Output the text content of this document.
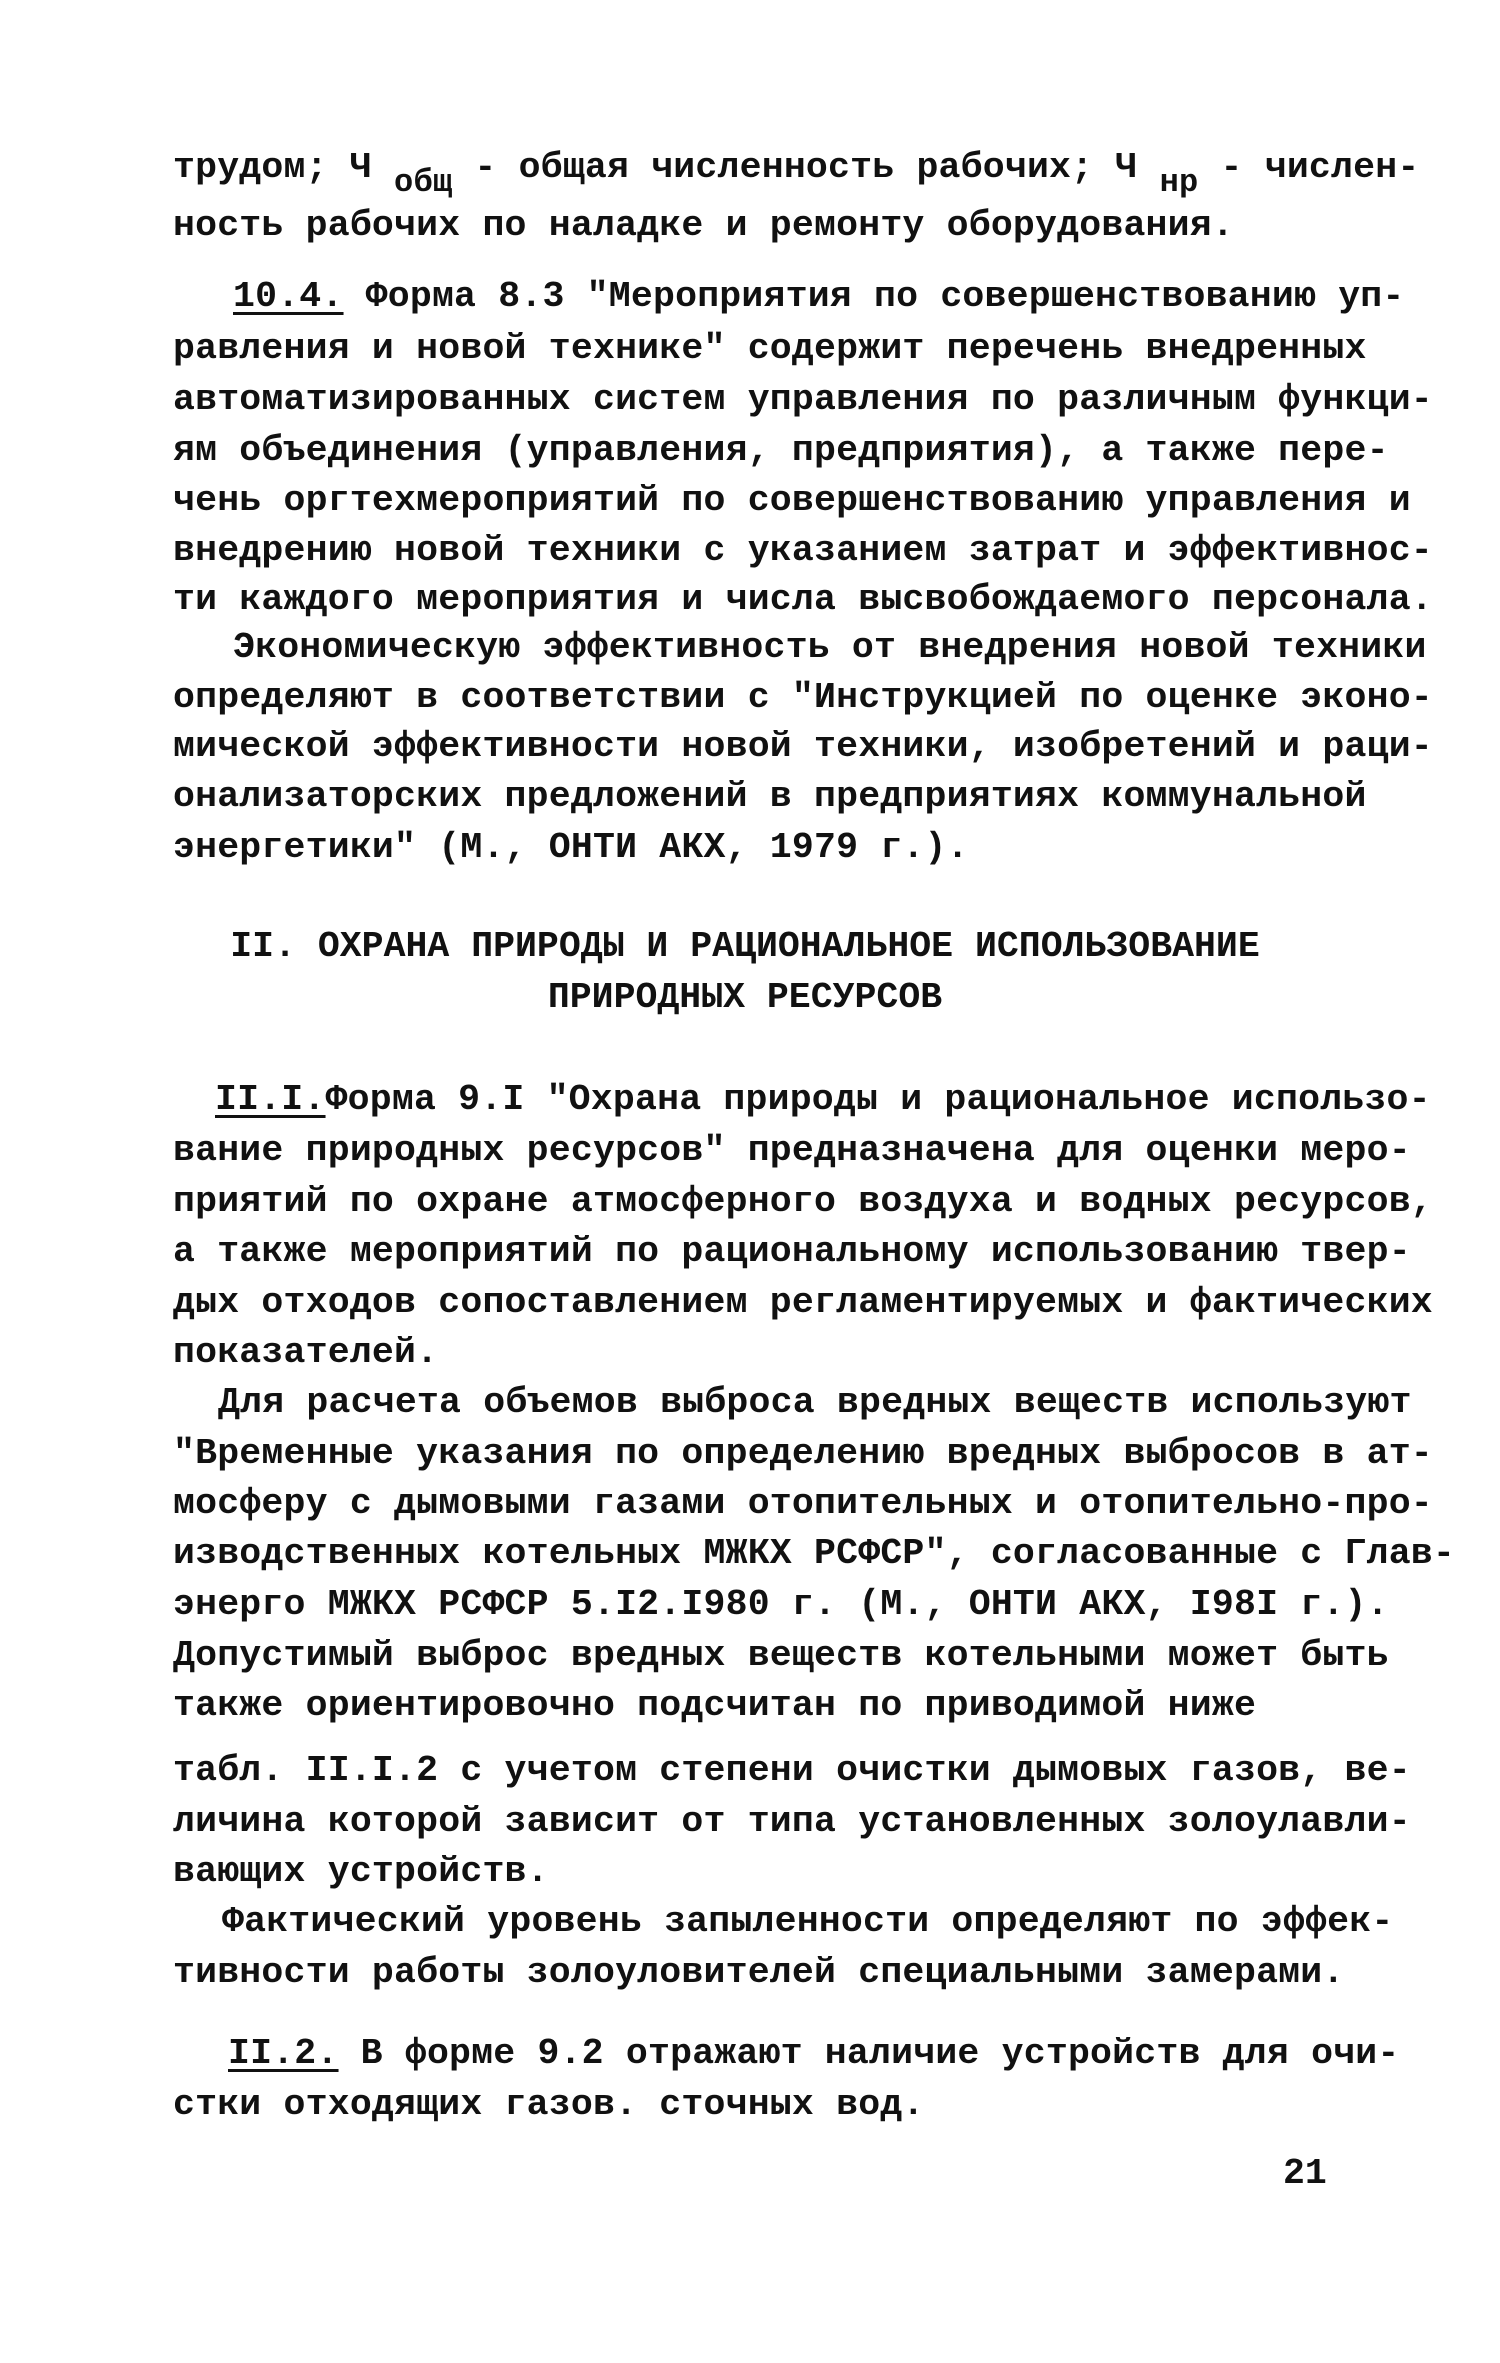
трудом; Ч $_{общ}$ - общая численность рабочих; Ч $_{нр}$ - числен-
ность рабочих по наладке и ремонту оборудования.
10.4. Форма 8.3 "Мероприятия по совершенствованию уп-
равления и новой технике" содержит перечень внедренных
автоматизированных систем управления по различным функци-
ям объединения (управления, предприятия), а также пере-
чень оргтехмероприятий по совершенствованию управления и
внедрению новой техники с указанием затрат и эффективнос-
ти каждого мероприятия и числа высвобождаемого персонала.
Экономическую эффективность от внедрения новой техники
определяют в соответствии с "Инструкцией по оценке эконо-
мической эффективности новой техники, изобретений и раци-
онализаторских предложений в предприятиях коммунальной
энергетики" (М., ОНТИ АКХ, 1979 г.).
II. ОХРАНА ПРИРОДЫ И РАЦИОНАЛЬНОЕ ИСПОЛЬЗОВАНИЕ
ПРИРОДНЫХ РЕСУРСОВ
II.I.Форма 9.I "Охрана природы и рациональное использо-
вание природных ресурсов" предназначена для оценки меро-
приятий по охране атмосферного воздуха и водных ресурсов,
а также мероприятий по рациональному использованию твер-
дых отходов сопоставлением регламентируемых и фактических
показателей.
Для расчета объемов выброса вредных веществ используют
"Временные указания по определению вредных выбросов в ат-
мосферу с дымовыми газами отопительных и отопительно-про-
изводственных котельных МЖКХ РСФСР", согласованные с Глав-
энерго МЖКХ РСФСР 5.I2.I980 г. (М., ОНТИ АКХ, I98I г.).
Допустимый выброс вредных веществ котельными может быть
также ориентировочно подсчитан по приводимой ниже
табл. II.I.2 с учетом степени очистки дымовых газов, ве-
личина которой зависит от типа установленных золоулавли-
вающих устройств.
Фактический уровень запыленности определяют по эффек-
тивности работы золоуловителей специальными замерами.
II.2. В форме 9.2 отражают наличие устройств для очи-
стки отходящих газов. сточных вод.
21
